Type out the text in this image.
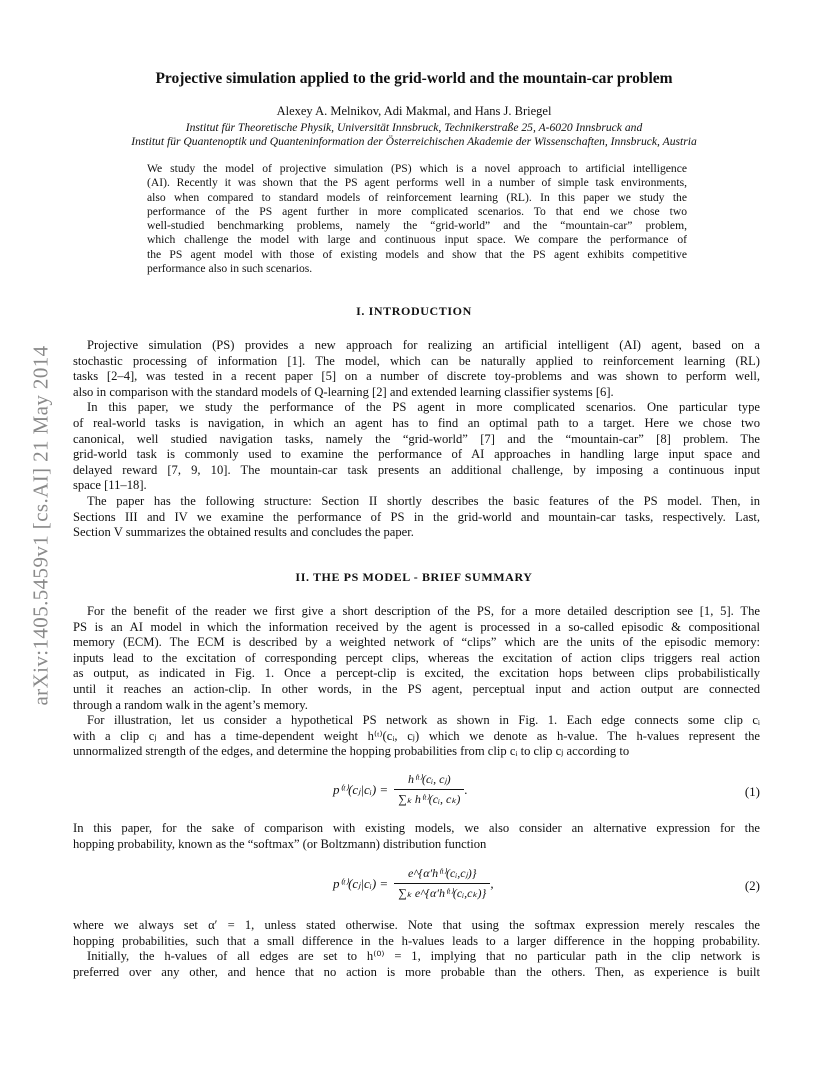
arXiv:1405.5459v1 [cs.AI] 21 May 2014
Projective simulation applied to the grid-world and the mountain-car problem
Alexey A. Melnikov, Adi Makmal, and Hans J. Briegel
Institut für Theoretische Physik, Universität Innsbruck, Technikerstraße 25, A-6020 Innsbruck and
Institut für Quantenoptik und Quanteninformation der Österreichischen Akademie der Wissenschaften, Innsbruck, Austria
We study the model of projective simulation (PS) which is a novel approach to artificial intelligence
(AI). Recently it was shown that the PS agent performs well in a number of simple task environments,
also when compared to standard models of reinforcement learning (RL). In this paper we study the
performance of the PS agent further in more complicated scenarios. To that end we chose two
well-studied benchmarking problems, namely the “grid-world” and the “mountain-car” problem,
which challenge the model with large and continuous input space. We compare the performance of
the PS agent model with those of existing models and show that the PS agent exhibits competitive
performance also in such scenarios.
I. INTRODUCTION
Projective simulation (PS) provides a new approach for realizing an artificial intelligent (AI) agent, based on a
stochastic processing of information [1]. The model, which can be naturally applied to reinforcement learning (RL)
tasks [2–4], was tested in a recent paper [5] on a number of discrete toy-problems and was shown to perform well,
also in comparison with the standard models of Q-learning [2] and extended learning classifier systems [6].
In this paper, we study the performance of the PS agent in more complicated scenarios. One particular type
of real-world tasks is navigation, in which an agent has to find an optimal path to a target. Here we chose two
canonical, well studied navigation tasks, namely the “grid-world” [7] and the “mountain-car” [8] problem. The
grid-world task is commonly used to examine the performance of AI approaches in handling large input space and
delayed reward [7, 9, 10]. The mountain-car task presents an additional challenge, by imposing a continuous input
space [11–18].
The paper has the following structure: Section II shortly describes the basic features of the PS model. Then, in
Sections III and IV we examine the performance of PS in the grid-world and mountain-car tasks, respectively. Last,
Section V summarizes the obtained results and concludes the paper.
II. THE PS MODEL - BRIEF SUMMARY
For the benefit of the reader we first give a short description of the PS, for a more detailed description see [1, 5]. The
PS is an AI model in which the information received by the agent is processed in a so-called episodic & compositional
memory (ECM). The ECM is described by a weighted network of “clips” which are the units of the episodic memory:
inputs lead to the excitation of corresponding percept clips, whereas the excitation of action clips triggers real action
as output, as indicated in Fig. 1. Once a percept-clip is excited, the excitation hops between clips probabilistically
until it reaches an action-clip. In other words, in the PS agent, perceptual input and action output are connected
through a random walk in the agent’s memory.
For illustration, let us consider a hypothetical PS network as shown in Fig. 1. Each edge connects some clip cᵢ
with a clip cⱼ and has a time-dependent weight h⁽ᵗ⁾(cᵢ, cⱼ) which we denote as h-value. The h-values represent the
unnormalized strength of the edges, and determine the hopping probabilities from clip cᵢ to clip cⱼ according to
p⁽ᵗ⁾(cⱼ|cᵢ) = $\frac{\text{h⁽ᵗ⁾(cᵢ, cⱼ)}}{\text{∑ₖ h⁽ᵗ⁾(cᵢ, cₖ)}}$ .	(1)
In this paper, for the sake of comparison with existing models, we also consider an alternative expression for the
hopping probability, known as the “softmax” (or Boltzmann) distribution function
p⁽ᵗ⁾(cⱼ|cᵢ) = $\frac{\text{e\textasciicircum{}\{α′h⁽ᵗ⁾(cᵢ,cⱼ)\}}}{\text{∑ₖ e\textasciicircum{}\{α′h⁽ᵗ⁾(cᵢ,cₖ)\}}}$ ,	(2)
where we always set α′ = 1, unless stated otherwise. Note that using the softmax expression merely rescales the
hopping probabilities, such that a small difference in the h-values leads to a larger difference in the hopping probability.
Initially, the h-values of all edges are set to h⁽⁰⁾ = 1, implying that no particular path in the clip network is
preferred over any other, and hence that no action is more probable than the others. Then, as experience is built
